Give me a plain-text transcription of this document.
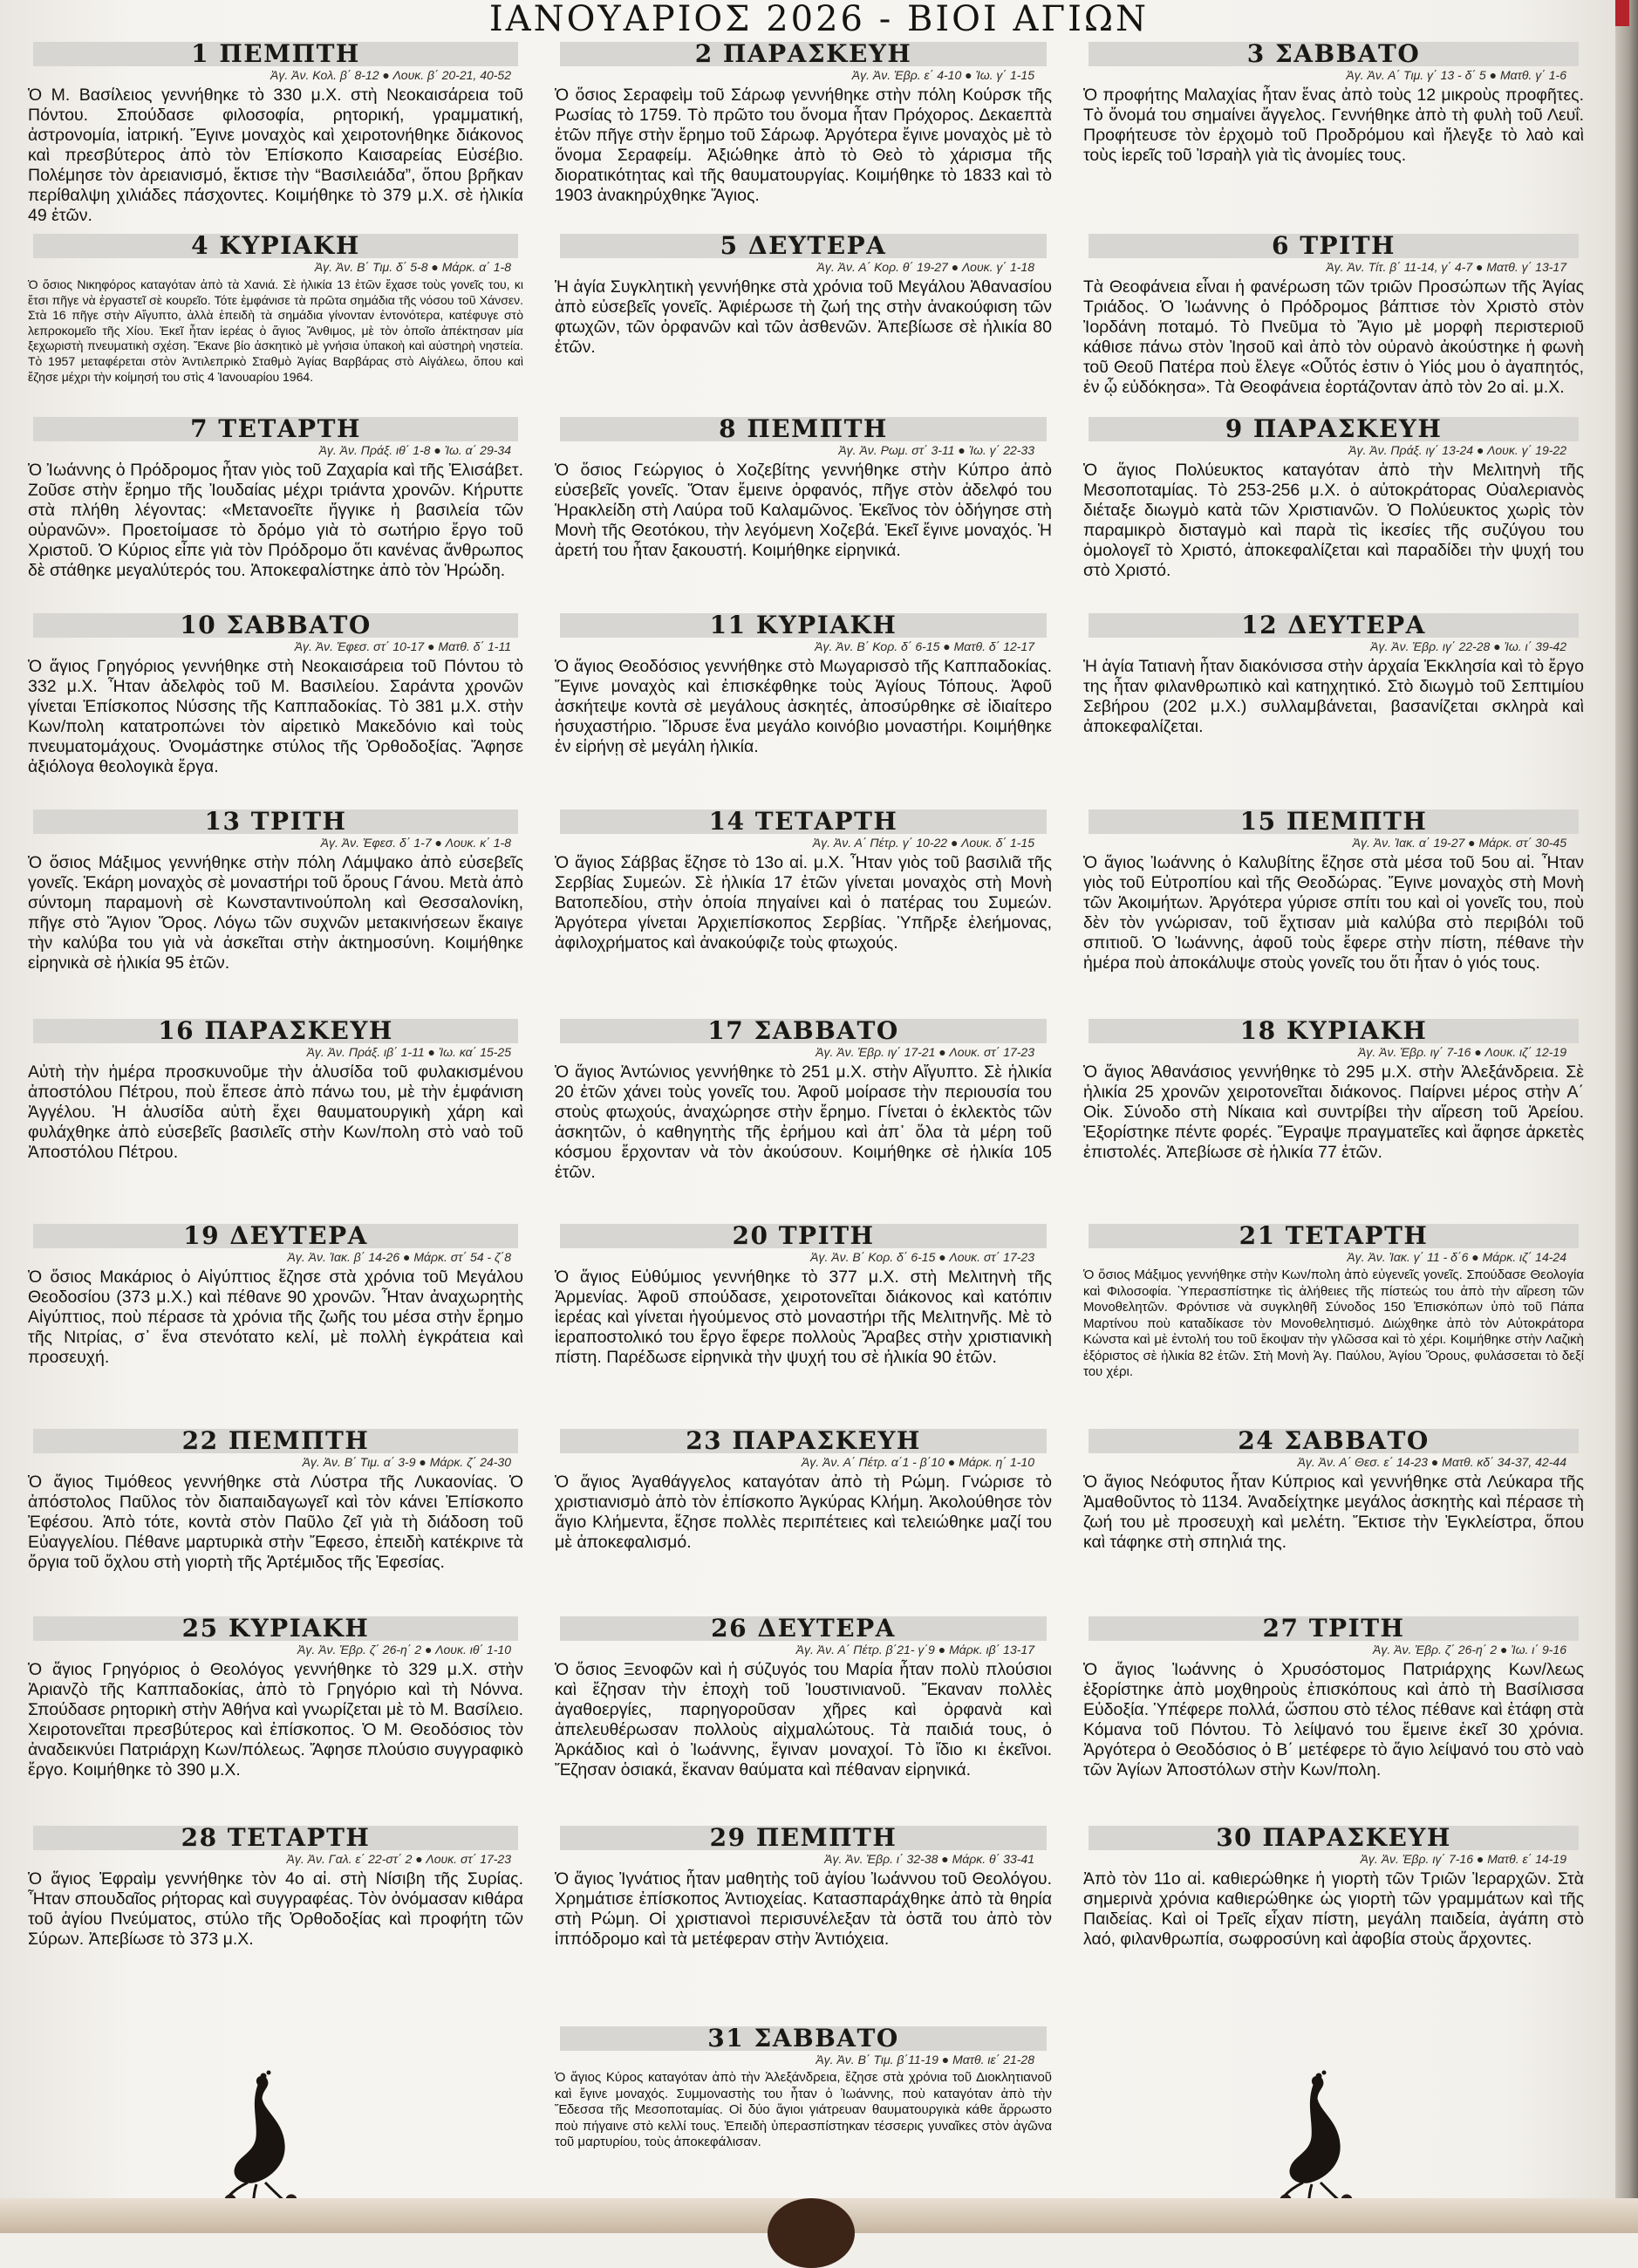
ΙΑΝΟΥΑΡΙΟΣ 2026 - ΒΙΟΙ ΑΓΙΩΝ
1 ΠΕΜΠΤΗ
Ἀγ. Ἀν. Κολ. β΄ 8-12 ● Λουκ. β΄ 20-21, 40-52
Ὁ Μ. Βασίλειος γεννήθηκε τὸ 330 μ.Χ. στὴ Νεοκαισάρεια τοῦ Πόντου. Σπούδασε φιλοσοφία, ρητορική, γραμματική, ἀστρονομία, ἰατρική. Ἔγινε μοναχὸς καὶ χειροτονήθηκε διάκονος καὶ πρεσβύτερος ἀπὸ τὸν Ἐπίσκοπο Καισαρείας Εὐσέβιο. Πολέμησε τὸν ἀρειανισμό, ἔκτισε τὴν “Βασιλειάδα”, ὅπου βρῆκαν περίθαλψη χιλιάδες πάσχοντες. Κοιμήθηκε τὸ 379 μ.Χ. σὲ ἡλικία 49 ἐτῶν.
2 ΠΑΡΑΣΚΕΥΗ
Ἀγ. Ἀν. Ἑβρ. ε΄ 4-10 ● Ἰω. γ΄ 1-15
Ὁ ὅσιος Σεραφεὶμ τοῦ Σάρωφ γεννήθηκε στὴν πόλη Κούρσκ τῆς Ρωσίας τὸ 1759. Τὸ πρῶτο του ὄνομα ἦταν Πρόχορος. Δεκαεπτὰ ἐτῶν πῆγε στὴν ἔρημο τοῦ Σάρωφ. Ἀργότερα ἔγινε μοναχὸς μὲ τὸ ὄνομα Σεραφείμ. Ἀξιώθηκε ἀπὸ τὸ Θεὸ τὸ χάρισμα τῆς διορατικότητας καὶ τῆς θαυματουργίας. Κοιμήθηκε τὸ 1833 καὶ τὸ 1903 ἀνακηρύχθηκε Ἅγιος.
3 ΣΑΒΒΑΤΟ
Ἀγ. Ἀν. Α΄ Τιμ. γ΄ 13 - δ΄ 5 ● Ματθ. γ΄ 1-6
Ὁ προφήτης Μαλαχίας ἦταν ἕνας ἀπὸ τοὺς 12 μικροὺς προφῆτες. Τὸ ὄνομά του σημαίνει ἄγγελος. Γεννήθηκε ἀπὸ τὴ φυλὴ τοῦ Λευΐ. Προφήτευσε τὸν ἐρχομὸ τοῦ Προδρόμου καὶ ἤλεγξε τὸ λαὸ καὶ τοὺς ἱερεῖς τοῦ Ἰσραὴλ γιὰ τὶς ἀνομίες τους.
4 ΚΥΡΙΑΚΗ
Ἀγ. Ἀν. Β΄ Τιμ. δ΄ 5-8 ● Μάρκ. α΄ 1-8
Ὁ ὅσιος Νικηφόρος καταγόταν ἀπὸ τὰ Χανιά. Σὲ ἡλικία 13 ἐτῶν ἔχασε τοὺς γονεῖς του, κι ἔτσι πῆγε νὰ ἐργαστεῖ σὲ κουρεῖο. Τότε ἐμφάνισε τὰ πρῶτα σημάδια τῆς νόσου τοῦ Χάνσεν. Στὰ 16 πῆγε στὴν Αἴγυπτο, ἀλλὰ ἐπειδὴ τὰ σημάδια γίνονταν ἐντονότερα, κατέφυγε στὸ λεπροκομεῖο τῆς Χίου. Ἐκεῖ ἦταν ἱερέας ὁ ἅγιος Ἄνθιμος, μὲ τὸν ὁποῖο ἀπέκτησαν μία ξεχωριστὴ πνευματικὴ σχέση. Ἔκανε βίο ἀσκητικὸ μὲ γνήσια ὑπακοὴ καὶ αὐστηρὴ νηστεία. Τὸ 1957 μεταφέρεται στὸν Ἀντιλεπρικὸ Σταθμὸ Ἁγίας Βαρβάρας στὸ Αἰγάλεω, ὅπου καὶ ἔζησε μέχρι τὴν κοίμησή του στὶς 4 Ἰανουαρίου 1964.
5 ΔΕΥΤΕΡΑ
Ἀγ. Ἀν. Α΄ Κορ. θ΄ 19-27 ● Λουκ. γ΄ 1-18
Ἡ ἁγία Συγκλητικὴ γεννήθηκε στὰ χρόνια τοῦ Μεγάλου Ἀθανασίου ἀπὸ εὐσεβεῖς γονεῖς. Ἀφιέρωσε τὴ ζωή της στὴν ἀνακούφιση τῶν φτωχῶν, τῶν ὀρφανῶν καὶ τῶν ἀσθενῶν. Ἀπεβίωσε σὲ ἡλικία 80 ἐτῶν.
6 ΤΡΙΤΗ
Ἀγ. Ἀν. Τίτ. β΄ 11-14, γ΄ 4-7 ● Ματθ. γ΄ 13-17
Τὰ Θεοφάνεια εἶναι ἡ φανέρωση τῶν τριῶν Προσώπων τῆς Ἁγίας Τριάδος. Ὁ Ἰωάννης ὁ Πρόδρομος βάπτισε τὸν Χριστὸ στὸν Ἰορδάνη ποταμό. Τὸ Πνεῦμα τὸ Ἅγιο μὲ μορφὴ περιστεριοῦ κάθισε πάνω στὸν Ἰησοῦ καὶ ἀπὸ τὸν οὐρανὸ ἀκούστηκε ἡ φωνὴ τοῦ Θεοῦ Πατέρα ποὺ ἔλεγε «Οὗτός ἐστιν ὁ Υἱός μου ὁ ἀγαπητός, ἐν ᾧ εὐδόκησα». Τὰ Θεοφάνεια ἑορτάζονταν ἀπὸ τὸν 2ο αἱ. μ.Χ.
7 ΤΕΤΑΡΤΗ
Ἀγ. Ἀν. Πράξ. ιθ΄ 1-8 ● Ἰω. α΄ 29-34
Ὁ Ἰωάννης ὁ Πρόδρομος ἦταν γιὸς τοῦ Ζαχαρία καὶ τῆς Ἐλισάβετ. Ζοῦσε στὴν ἔρημο τῆς Ἰουδαίας μέχρι τριάντα χρονῶν. Κήρυττε στὰ πλήθη λέγοντας: «Μετανοεῖτε ἤγγικε ἡ βασιλεία τῶν οὐρανῶν». Προετοίμασε τὸ δρόμο γιὰ τὸ σωτήριο ἔργο τοῦ Χριστοῦ. Ὁ Κύριος εἶπε γιὰ τὸν Πρόδρομο ὅτι κανένας ἄνθρωπος δὲ στάθηκε μεγαλύτερός του. Ἀποκεφαλίστηκε ἀπὸ τὸν Ἡρώδη.
8 ΠΕΜΠΤΗ
Ἀγ. Ἀν. Ρωμ. στ΄ 3-11 ● Ἰω. γ΄ 22-33
Ὁ ὅσιος Γεώργιος ὁ Χοζεβίτης γεννήθηκε στὴν Κύπρο ἀπὸ εὐσεβεῖς γονεῖς. Ὅταν ἔμεινε ὀρφανός, πῆγε στὸν ἀδελφό του Ἡρακλείδη στὴ Λαύρα τοῦ Καλαμῶνος. Ἐκεῖνος τὸν ὁδήγησε στὴ Μονὴ τῆς Θεοτόκου, τὴν λεγόμενη Χοζεβά. Ἐκεῖ ἔγινε μοναχός. Ἡ ἀρετή του ἦταν ξακουστή. Κοιμήθηκε εἰρηνικά.
9 ΠΑΡΑΣΚΕΥΗ
Ἀγ. Ἀν. Πράξ. ιγ΄ 13-24 ● Λουκ. γ΄ 19-22
Ὁ ἅγιος Πολύευκτος καταγόταν ἀπὸ τὴν Μελιτηνὴ τῆς Μεσοποταμίας. Τὸ 253-256 μ.Χ. ὁ αὐτοκράτορας Οὐαλεριανὸς διέταξε διωγμὸ κατὰ τῶν Χριστιανῶν. Ὁ Πολύευκτος χωρὶς τὸν παραμικρὸ δισταγμὸ καὶ παρὰ τὶς ἱκεσίες τῆς συζύγου του ὁμολογεῖ τὸ Χριστό, ἀποκεφαλίζεται καὶ παραδίδει τὴν ψυχή του στὸ Χριστό.
10 ΣΑΒΒΑΤΟ
Ἀγ. Ἀν. Ἐφεσ. στ΄ 10-17 ● Ματθ. δ΄ 1-11
Ὁ ἅγιος Γρηγόριος γεννήθηκε στὴ Νεοκαισάρεια τοῦ Πόντου τὸ 332 μ.Χ. Ἦταν ἀδελφὸς τοῦ Μ. Βασιλείου. Σαράντα χρονῶν γίνεται Ἐπίσκοπος Νύσσης τῆς Καππαδοκίας. Τὸ 381 μ.Χ. στὴν Κων/πολη κατατροπώνει τὸν αἱρετικὸ Μακεδόνιο καὶ τοὺς πνευματομάχους. Ὀνομάστηκε στύλος τῆς Ὀρθοδοξίας. Ἄφησε ἀξιόλογα θεολογικὰ ἔργα.
11 ΚΥΡΙΑΚΗ
Ἀγ. Ἀν. Β΄ Κορ. δ΄ 6-15 ● Ματθ. δ΄ 12-17
Ὁ ἅγιος Θεοδόσιος γεννήθηκε στὸ Μωγαρισσὸ τῆς Καππαδοκίας. Ἔγινε μοναχὸς καὶ ἐπισκέφθηκε τοὺς Ἁγίους Τόπους. Ἀφοῦ ἀσκήτεψε κοντὰ σὲ μεγάλους ἀσκητές, ἀποσύρθηκε σὲ ἰδιαίτερο ἡσυχαστήριο. Ἵδρυσε ἕνα μεγάλο κοινόβιο μοναστήρι. Κοιμήθηκε ἐν εἰρήνῃ σὲ μεγάλη ἡλικία.
12 ΔΕΥΤΕΡΑ
Ἀγ. Ἀν. Ἑβρ. ιγ΄ 22-28 ● Ἰω. ι΄ 39-42
Ἡ ἁγία Τατιανὴ ἦταν διακόνισσα στὴν ἀρχαία Ἐκκλησία καὶ τὸ ἔργο της ἦταν φιλανθρωπικὸ καὶ κατηχητικό. Στὸ διωγμὸ τοῦ Σεπτιμίου Σεβήρου (202 μ.Χ.) συλλαμβάνεται, βασανίζεται σκληρὰ καὶ ἀποκεφαλίζεται.
13 ΤΡΙΤΗ
Ἀγ. Ἀν. Ἐφεσ. δ΄ 1-7 ● Λουκ. κ΄ 1-8
Ὁ ὅσιος Μάξιμος γεννήθηκε στὴν πόλη Λάμψακο ἀπὸ εὐσεβεῖς γονεῖς. Ἐκάρη μοναχὸς σὲ μοναστήρι τοῦ ὄρους Γάνου. Μετὰ ἀπὸ σύντομη παραμονὴ σὲ Κωνσταντινούπολη καὶ Θεσσαλονίκη, πῆγε στὸ Ἅγιον Ὄρος. Λόγω τῶν συχνῶν μετακινήσεων ἔκαιγε τὴν καλύβα του γιὰ νὰ ἀσκεῖται στὴν ἀκτημοσύνη. Κοιμήθηκε εἰρηνικὰ σὲ ἡλικία 95 ἐτῶν.
14 ΤΕΤΑΡΤΗ
Ἀγ. Ἀν. Α΄ Πέτρ. γ΄ 10-22 ● Λουκ. δ΄ 1-15
Ὁ ἅγιος Σάββας ἔζησε τὸ 13ο αἱ. μ.Χ. Ἦταν γιὸς τοῦ βασιλιᾶ τῆς Σερβίας Συμεών. Σὲ ἡλικία 17 ἐτῶν γίνεται μοναχὸς στὴ Μονὴ Βατοπεδίου, στὴν ὁποία πηγαίνει καὶ ὁ πατέρας του Συμεών. Ἀργότερα γίνεται Ἀρχιεπίσκοπος Σερβίας. Ὑπῆρξε ἐλεήμονας, ἀφιλοχρήματος καὶ ἀνακούφιζε τοὺς φτωχούς.
15 ΠΕΜΠΤΗ
Ἀγ. Ἀν. Ἰακ. α΄ 19-27 ● Μάρκ. στ΄ 30-45
Ὁ ἅγιος Ἰωάννης ὁ Καλυβίτης ἔζησε στὰ μέσα τοῦ 5ου αἱ. Ἦταν γιὸς τοῦ Εὐτροπίου καὶ τῆς Θεοδώρας. Ἔγινε μοναχὸς στὴ Μονὴ τῶν Ἀκοιμήτων. Ἀργότερα γύρισε σπίτι του καὶ οἱ γονεῖς του, ποὺ δὲν τὸν γνώρισαν, τοῦ ἔχτισαν μιὰ καλύβα στὸ περιβόλι τοῦ σπιτιοῦ. Ὁ Ἰωάννης, ἀφοῦ τοὺς ἔφερε στὴν πίστη, πέθανε τὴν ἡμέρα ποὺ ἀποκάλυψε στοὺς γονεῖς του ὅτι ἦταν ὁ γιός τους.
16 ΠΑΡΑΣΚΕΥΗ
Ἀγ. Ἀν. Πράξ. ιβ΄ 1-11 ● Ἰω. κα΄ 15-25
Αὐτὴ τὴν ἡμέρα προσκυνοῦμε τὴν ἁλυσίδα τοῦ φυλακισμένου ἀποστόλου Πέτρου, ποὺ ἔπεσε ἀπὸ πάνω του, μὲ τὴν ἐμφάνιση Ἀγγέλου. Ἡ ἁλυσίδα αὐτὴ ἔχει θαυματουργικὴ χάρη καὶ φυλάχθηκε ἀπὸ εὐσεβεῖς βασιλεῖς στὴν Κων/πολη στὸ ναὸ τοῦ Ἀποστόλου Πέτρου.
17 ΣΑΒΒΑΤΟ
Ἀγ. Ἀν. Ἑβρ. ιγ΄ 17-21 ● Λουκ. στ΄ 17-23
Ὁ ἅγιος Ἀντώνιος γεννήθηκε τὸ 251 μ.Χ. στὴν Αἴγυπτο. Σὲ ἡλικία 20 ἐτῶν χάνει τοὺς γονεῖς του. Ἀφοῦ μοίρασε τὴν περιουσία του στοὺς φτωχούς, ἀναχώρησε στὴν ἔρημο. Γίνεται ὁ ἐκλεκτὸς τῶν ἀσκητῶν, ὁ καθηγητὴς τῆς ἐρήμου καὶ ἀπ᾽ ὅλα τὰ μέρη τοῦ κόσμου ἔρχονταν νὰ τὸν ἀκούσουν. Κοιμήθηκε σὲ ἡλικία 105 ἐτῶν.
18 ΚΥΡΙΑΚΗ
Ἀγ. Ἀν. Ἑβρ. ιγ΄ 7-16 ● Λουκ. ιζ΄ 12-19
Ὁ ἅγιος Ἀθανάσιος γεννήθηκε τὸ 295 μ.Χ. στὴν Ἀλεξάνδρεια. Σὲ ἡλικία 25 χρονῶν χειροτονεῖται διάκονος. Παίρνει μέρος στὴν Α΄ Οἰκ. Σύνοδο στὴ Νίκαια καὶ συντρίβει τὴν αἵρεση τοῦ Ἀρείου. Ἐξορίστηκε πέντε φορές. Ἔγραψε πραγματεῖες καὶ ἄφησε ἀρκετὲς ἐπιστολές. Ἀπεβίωσε σὲ ἡλικία 77 ἐτῶν.
19 ΔΕΥΤΕΡΑ
Ἀγ. Ἀν. Ἰακ. β΄ 14-26 ● Μάρκ. στ΄ 54 - ζ΄8
Ὁ ὅσιος Μακάριος ὁ Αἰγύπτιος ἔζησε στὰ χρόνια τοῦ Μεγάλου Θεοδοσίου (373 μ.Χ.) καὶ πέθανε 90 χρονῶν. Ἦταν ἀναχωρητὴς Αἰγύπτιος, ποὺ πέρασε τὰ χρόνια τῆς ζωῆς του μέσα στὴν ἔρημο τῆς Νιτρίας, σ᾽ ἕνα στενότατο κελί, μὲ πολλὴ ἐγκράτεια καὶ προσευχή.
20 ΤΡΙΤΗ
Ἀγ. Ἀν. Β΄ Κορ. δ΄ 6-15 ● Λουκ. στ΄ 17-23
Ὁ ἅγιος Εὐθύμιος γεννήθηκε τὸ 377 μ.Χ. στὴ Μελιτηνὴ τῆς Ἀρμενίας. Ἀφοῦ σπούδασε, χειροτονεῖται διάκονος καὶ κατόπιν ἱερέας καὶ γίνεται ἡγούμενος στὸ μοναστήρι τῆς Μελιτηνῆς. Μὲ τὸ ἱεραποστολικό του ἔργο ἔφερε πολλοὺς Ἄραβες στὴν χριστιανικὴ πίστη. Παρέδωσε εἰρηνικὰ τὴν ψυχή του σὲ ἡλικία 90 ἐτῶν.
21 ΤΕΤΑΡΤΗ
Ἀγ. Ἀν. Ἰακ. γ΄ 11 - δ΄6 ● Μάρκ. ιζ΄ 14-24
Ὁ ὅσιος Μάξιμος γεννήθηκε στὴν Κων/πολη ἀπὸ εὐγενεῖς γονεῖς. Σπούδασε Θεολογία καὶ Φιλοσοφία. Ὑπερασπίστηκε τὶς ἀλήθειες τῆς πίστεώς του ἀπὸ τὴν αἵρεση τῶν Μονοθελητῶν. Φρόντισε νὰ συγκληθῆ Σύνοδος 150 Ἐπισκόπων ὑπὸ τοῦ Πάπα Μαρτίνου ποὺ καταδίκασε τὸν Μονοθελητισμό. Διώχθηκε ἀπὸ τὸν Αὐτοκράτορα Κώνστα καὶ μὲ ἐντολή του τοῦ ἔκοψαν τὴν γλῶσσα καὶ τὸ χέρι. Κοιμήθηκε στὴν Λαζικὴ ἐξόριστος σὲ ἡλικία 82 ἐτῶν. Στὴ Μονὴ Ἁγ. Παύλου, Ἁγίου Ὄρους, φυλάσσεται τὸ δεξί του χέρι.
22 ΠΕΜΠΤΗ
Ἀγ. Ἀν. Β΄ Τιμ. α΄ 3-9 ● Μάρκ. ζ΄ 24-30
Ὁ ἅγιος Τιμόθεος γεννήθηκε στὰ Λύστρα τῆς Λυκαονίας. Ὁ ἀπόστολος Παῦλος τὸν διαπαιδαγωγεῖ καὶ τὸν κάνει Ἐπίσκοπο Ἐφέσου. Ἀπὸ τότε, κοντὰ στὸν Παῦλο ζεῖ γιὰ τὴ διάδοση τοῦ Εὐαγγελίου. Πέθανε μαρτυρικὰ στὴν Ἔφεσο, ἐπειδὴ κατέκρινε τὰ ὄργια τοῦ ὄχλου στὴ γιορτὴ τῆς Ἀρτέμιδος τῆς Ἐφεσίας.
23 ΠΑΡΑΣΚΕΥΗ
Ἀγ. Ἀν. Α΄ Πέτρ. α΄1 - β΄10 ● Μάρκ. η΄ 1-10
Ὁ ἅγιος Ἀγαθάγγελος καταγόταν ἀπὸ τὴ Ρώμη. Γνώρισε τὸ χριστιανισμὸ ἀπὸ τὸν ἐπίσκοπο Ἀγκύρας Κλήμη. Ἀκολούθησε τὸν ἅγιο Κλήμεντα, ἔζησε πολλὲς περιπέτειες καὶ τελειώθηκε μαζί του μὲ ἀποκεφαλισμό.
24 ΣΑΒΒΑΤΟ
Ἀγ. Ἀν. Α΄ Θεσ. ε΄ 14-23 ● Ματθ. κδ΄ 34-37, 42-44
Ὁ ἅγιος Νεόφυτος ἦταν Κύπριος καὶ γεννήθηκε στὰ Λεύκαρα τῆς Ἀμαθοῦντος τὸ 1134. Ἀναδείχτηκε μεγάλος ἀσκητὴς καὶ πέρασε τὴ ζωή του μὲ προσευχὴ καὶ μελέτη. Ἔκτισε τὴν Ἐγκλείστρα, ὅπου καὶ τάφηκε στὴ σπηλιά της.
25 ΚΥΡΙΑΚΗ
Ἀγ. Ἀν. Ἑβρ. ζ΄ 26-η΄ 2 ● Λουκ. ιθ΄ 1-10
Ὁ ἅγιος Γρηγόριος ὁ Θεολόγος γεννήθηκε τὸ 329 μ.Χ. στὴν Ἀριανζὸ τῆς Καππαδοκίας, ἀπὸ τὸ Γρηγόριο καὶ τὴ Νόννα. Σπούδασε ρητορικὴ στὴν Ἀθήνα καὶ γνωρίζεται μὲ τὸ Μ. Βασίλειο. Χειροτονεῖται πρεσβύτερος καὶ ἐπίσκοπος. Ὁ Μ. Θεοδόσιος τὸν ἀναδεικνύει Πατριάρχη Κων/πόλεως. Ἄφησε πλούσιο συγγραφικὸ ἔργο. Κοιμήθηκε τὸ 390 μ.Χ.
26 ΔΕΥΤΕΡΑ
Ἀγ. Ἀν. Α΄ Πέτρ. β΄21- γ΄9 ● Μάρκ. ιβ΄ 13-17
Ὁ ὅσιος Ξενοφῶν καὶ ἡ σύζυγός του Μαρία ἦταν πολὺ πλούσιοι καὶ ἔζησαν τὴν ἐποχὴ τοῦ Ἰουστινιανοῦ. Ἔκαναν πολλὲς ἀγαθοεργίες, παρηγοροῦσαν χῆρες καὶ ὀρφανὰ καὶ ἀπελευθέρωσαν πολλοὺς αἰχμαλώτους. Τὰ παιδιά τους, ὁ Ἀρκάδιος καὶ ὁ Ἰωάννης, ἔγιναν μοναχοί. Τὸ ἴδιο κι ἐκεῖνοι. Ἔζησαν ὁσιακά, ἔκαναν θαύματα καὶ πέθαναν εἰρηνικά.
27 ΤΡΙΤΗ
Ἀγ. Ἀν. Ἑβρ. ζ΄ 26-η΄ 2 ● Ἰω. ι΄ 9-16
Ὁ ἅγιος Ἰωάννης ὁ Χρυσόστομος Πατριάρχης Κων/λεως ἐξορίστηκε ἀπὸ μοχθηροὺς ἐπισκόπους καὶ ἀπὸ τὴ Βασίλισσα Εὐδοξία. Ὑπέφερε πολλά, ὥσπου στὸ τέλος πέθανε καὶ ἐτάφη στὰ Κόμανα τοῦ Πόντου. Τὸ λείψανό του ἔμεινε ἐκεῖ 30 χρόνια. Ἀργότερα ὁ Θεοδόσιος ὁ Β΄ μετέφερε τὸ ἅγιο λείψανό του στὸ ναὸ τῶν Ἁγίων Ἀποστόλων στὴν Κων/πολη.
28 ΤΕΤΑΡΤΗ
Ἀγ. Ἀν. Γαλ. ε΄ 22-στ΄ 2 ● Λουκ. στ΄ 17-23
Ὁ ἅγιος Ἐφραὶμ γεννήθηκε τὸν 4ο αἱ. στὴ Νίσιβη τῆς Συρίας. Ἦταν σπουδαῖος ρήτορας καὶ συγγραφέας. Τὸν ὀνόμασαν κιθάρα τοῦ ἁγίου Πνεύματος, στύλο τῆς Ὀρθοδοξίας καὶ προφήτη τῶν Σύρων. Ἀπεβίωσε τὸ 373 μ.Χ.
29 ΠΕΜΠΤΗ
Ἀγ. Ἀν. Ἑβρ. ι΄ 32-38 ● Μάρκ. θ΄ 33-41
Ὁ ἅγιος Ἰγνάτιος ἦταν μαθητὴς τοῦ ἁγίου Ἰωάννου τοῦ Θεολόγου. Χρημάτισε ἐπίσκοπος Ἀντιοχείας. Κατασπαράχθηκε ἀπὸ τὰ θηρία στὴ Ρώμη. Οἱ χριστιανοὶ περισυνέλεξαν τὰ ὀστᾶ του ἀπὸ τὸν ἱππόδρομο καὶ τὰ μετέφεραν στὴν Ἀντιόχεια.
30 ΠΑΡΑΣΚΕΥΗ
Ἀγ. Ἀν. Ἑβρ. ιγ΄ 7-16 ● Ματθ. ε΄ 14-19
Ἀπὸ τὸν 11ο αἱ. καθιερώθηκε ἡ γιορτὴ τῶν Τριῶν Ἱεραρχῶν. Στὰ σημερινὰ χρόνια καθιερώθηκε ὡς γιορτὴ τῶν γραμμάτων καὶ τῆς Παιδείας. Καὶ οἱ Τρεῖς εἶχαν πίστη, μεγάλη παιδεία, ἀγάπη στὸ λαό, φιλανθρωπία, σωφροσύνη καὶ ἀφοβία στοὺς ἄρχοντες.
31 ΣΑΒΒΑΤΟ
Ἀγ. Ἀν. Β΄ Τιμ. β΄11-19 ● Ματθ. ιε΄ 21-28
Ὁ ἅγιος Κύρος καταγόταν ἀπὸ τὴν Ἀλεξάνδρεια, ἔζησε στὰ χρόνια τοῦ Διοκλητιανοῦ καὶ ἔγινε μοναχός. Συμμοναστὴς του ἦταν ὁ Ἰωάννης, ποὺ καταγόταν ἀπὸ τὴν Ἔδεσσα τῆς Μεσοποταμίας. Οἱ δύο ἅγιοι γιάτρευαν θαυματουργικὰ κάθε ἄρρωστο ποὺ πήγαινε στὸ κελλί τους. Ἐπειδὴ ὑπερασπίστηκαν τέσσερις γυναῖκες στὸν ἀγῶνα τοῦ μαρτυρίου, τοὺς ἀποκεφάλισαν.
